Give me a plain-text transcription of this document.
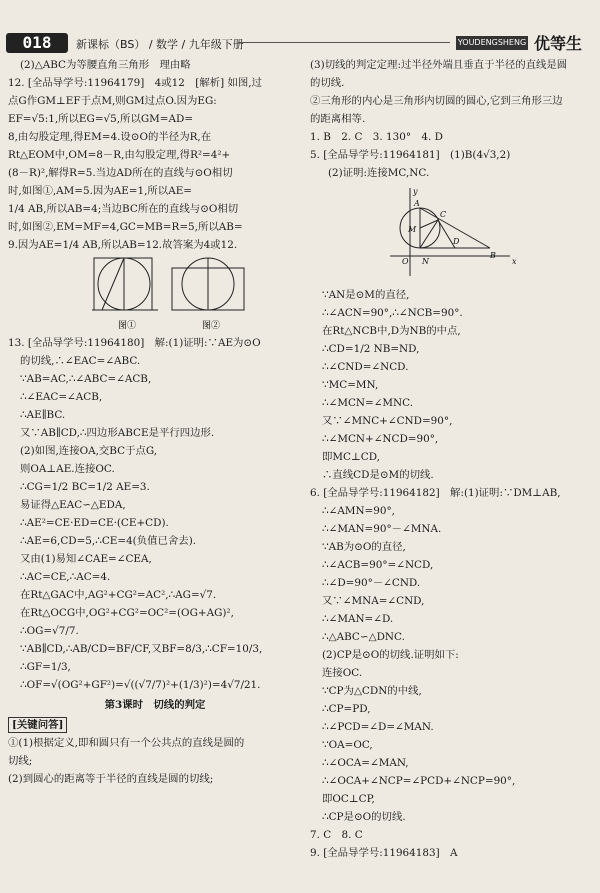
018	新课标（BS） / 数学 / 九年级下册	YOUDENGSHENG 优等生
(2)△ABC为等腰直角三角形　理由略
12. [全品导学号:11964179]　4或12　[解析] 如图,过
点G作GM⊥EF于点M,则GM过点O.因为EG:
EF=√5:1,所以EG=√5,所以GM=AD=
8,由勾股定理,得EM=4.设⊙O的半径为R,在
Rt△EOM中,OM=8－R,由勾股定理,得R²=4²+
(8－R)²,解得R=5.当边AD所在的直线与⊙O相切
时,如图①,AM=5.因为AE=1,所以AE=
1/4 AB,所以AB=4;当边BC所在的直线与⊙O相切
时,如图②,EM=MF=4,GC=MB=R=5,所以AB=
9.因为AE=1/4 AB,所以AB=12.故答案为4或12.
图①	图②
13. [全品导学号:11964180]　解:(1)证明:∵AE为⊙O
的切线,∴∠EAC=∠ABC.
∵AB=AC,∴∠ABC=∠ACB,
∴∠EAC=∠ACB,
∴AE∥BC.
又∵AB∥CD,∴四边形ABCE是平行四边形.
(2)如图,连接OA,交BC于点G,
则OA⊥AE.连接OC.
∴CG=1/2 BC=1/2 AE=3.
易证得△EAC∽△EDA,
∴AE²=CE·ED=CE·(CE+CD).
∴AE=6,CD=5,∴CE=4(负值已舍去).
又由(1)易知∠CAE=∠CEA,
∴AC=CE,∴AC=4.
在Rt△GAC中,AG²+CG²=AC²,∴AG=√7.
在Rt△OCG中,OG²+CG²=OC²=(OG+AG)²,
∴OG=√7/7.
∵AB∥CD,∴AB/CD=BF/CF,又BF=8/3,∴CF=10/3,
∴GF=1/3,
∴OF=√(OG²+GF²)=√((√7/7)²+(1/3)²)=4√7/21.
第3课时　切线的判定
[关键问答]
①(1)根据定义,即和圆只有一个公共点的直线是圆的
切线;
(2)到圆心的距离等于半径的直线是圆的切线;
(3)切线的判定定理:过半径外端且垂直于半径的直线是圆
的切线.
②三角形的内心是三角形内切圆的圆心,它到三角形三边
的距离相等.
1. B　2. C　3. 130°　4. D
5. [全品导学号:11964181]　(1)B(4√3,2)
(2)证明:连接MC,NC.
y
A
C
M
D
O N
B
x
∵AN是⊙M的直径,
∴∠ACN=90°,∴∠NCB=90°.
在Rt△NCB中,D为NB的中点,
∴CD=1/2 NB=ND,
∴∠CND=∠NCD.
∵MC=MN,
∴∠MCN=∠MNC.
又∵∠MNC+∠CND=90°,
∴∠MCN+∠NCD=90°,
即MC⊥CD,
∴直线CD是⊙M的切线.
6. [全品导学号:11964182]　解:(1)证明:∵DM⊥AB,
∴∠AMN=90°,
∴∠MAN=90°－∠MNA.
∵AB为⊙O的直径,
∴∠ACB=90°=∠NCD,
∴∠D=90°－∠CND.
又∵∠MNA=∠CND,
∴∠MAN=∠D.
∴△ABC∽△DNC.
(2)CP是⊙O的切线.证明如下:
连接OC.
∵CP为△CDN的中线,
∴CP=PD,
∴∠PCD=∠D=∠MAN.
∵OA=OC,
∴∠OCA=∠MAN,
∴∠OCA+∠NCP=∠PCD+∠NCP=90°,
即OC⊥CP,
∴CP是⊙O的切线.
7. C　8. C
9. [全品导学号:11964183]　A
